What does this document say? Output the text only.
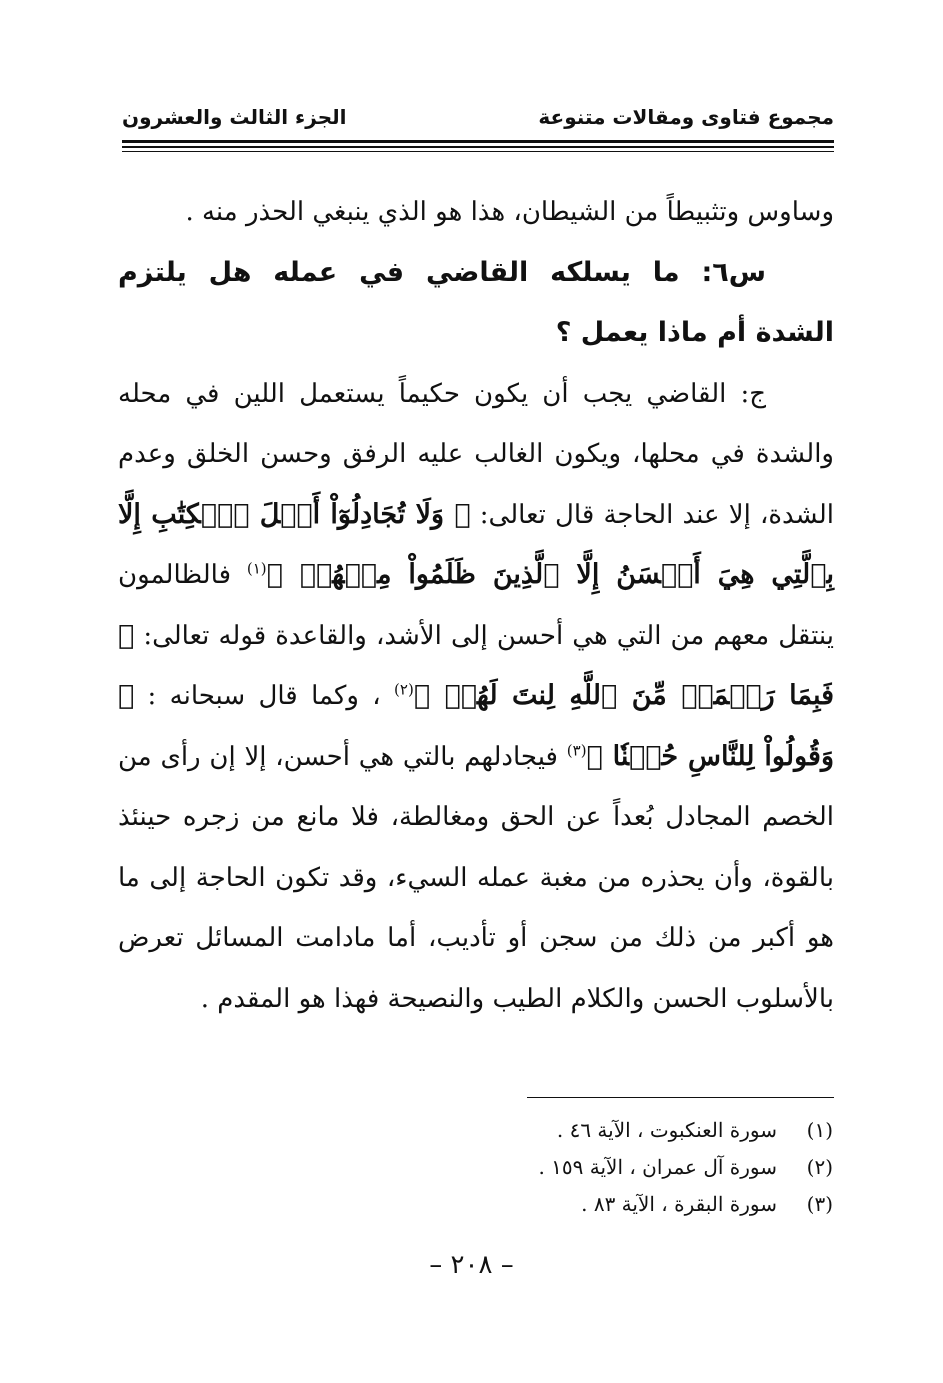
مجموع فتاوى ومقالات متنوعة
الجزء الثالث والعشرون

وساوس وتثبيطاً من الشيطان، هذا هو الذي ينبغي الحذر منه .

س٦: ما يسلكه القاضي في عمله هل يلتزم الشدة أم ماذا يعمل ؟

ج: القاضي يجب أن يكون حكيماً يستعمل اللين في محله والشدة في محلها، ويكون الغالب عليه الرفق وحسن الخلق وعدم الشدة، إلا عند الحاجة قال تعالى: ﴿ وَلَا تُجَادِلُوٓاْ أَهۡلَ ٱلۡكِتَٰبِ إِلَّا بِٱلَّتِي هِيَ أَحۡسَنُ إِلَّا ٱلَّذِينَ ظَلَمُواْ مِنۡهُمۡ ﴾$^{(١)}$ فالظالمون ينتقل معهم من التي هي أحسن إلى الأشد، والقاعدة قوله تعالى: ﴿ فَبِمَا رَحۡمَةٖ مِّنَ ٱللَّهِ لِنتَ لَهُمۡ ﴾$^{(٢)}$ ، وكما قال سبحانه : ﴿ وَقُولُواْ لِلنَّاسِ حُسۡنٗا ﴾$^{(٣)}$ فيجادلهم بالتي هي أحسن، إلا إن رأى من الخصم المجادل بُعداً عن الحق ومغالطة، فلا مانع من زجره حينئذ بالقوة، وأن يحذره من مغبة عمله السيء، وقد تكون الحاجة إلى ما هو أكبر من ذلك من سجن أو تأديب، أما مادامت المسائل تعرض بالأسلوب الحسن والكلام الطيب والنصيحة فهذا هو المقدم .

(١)
سورة العنكبوت ، الآية ٤٦ .
(٢)
سورة آل عمران ، الآية ١٥٩ .
(٣)
سورة البقرة ، الآية ٨٣ .
– ٢٠٨ –
